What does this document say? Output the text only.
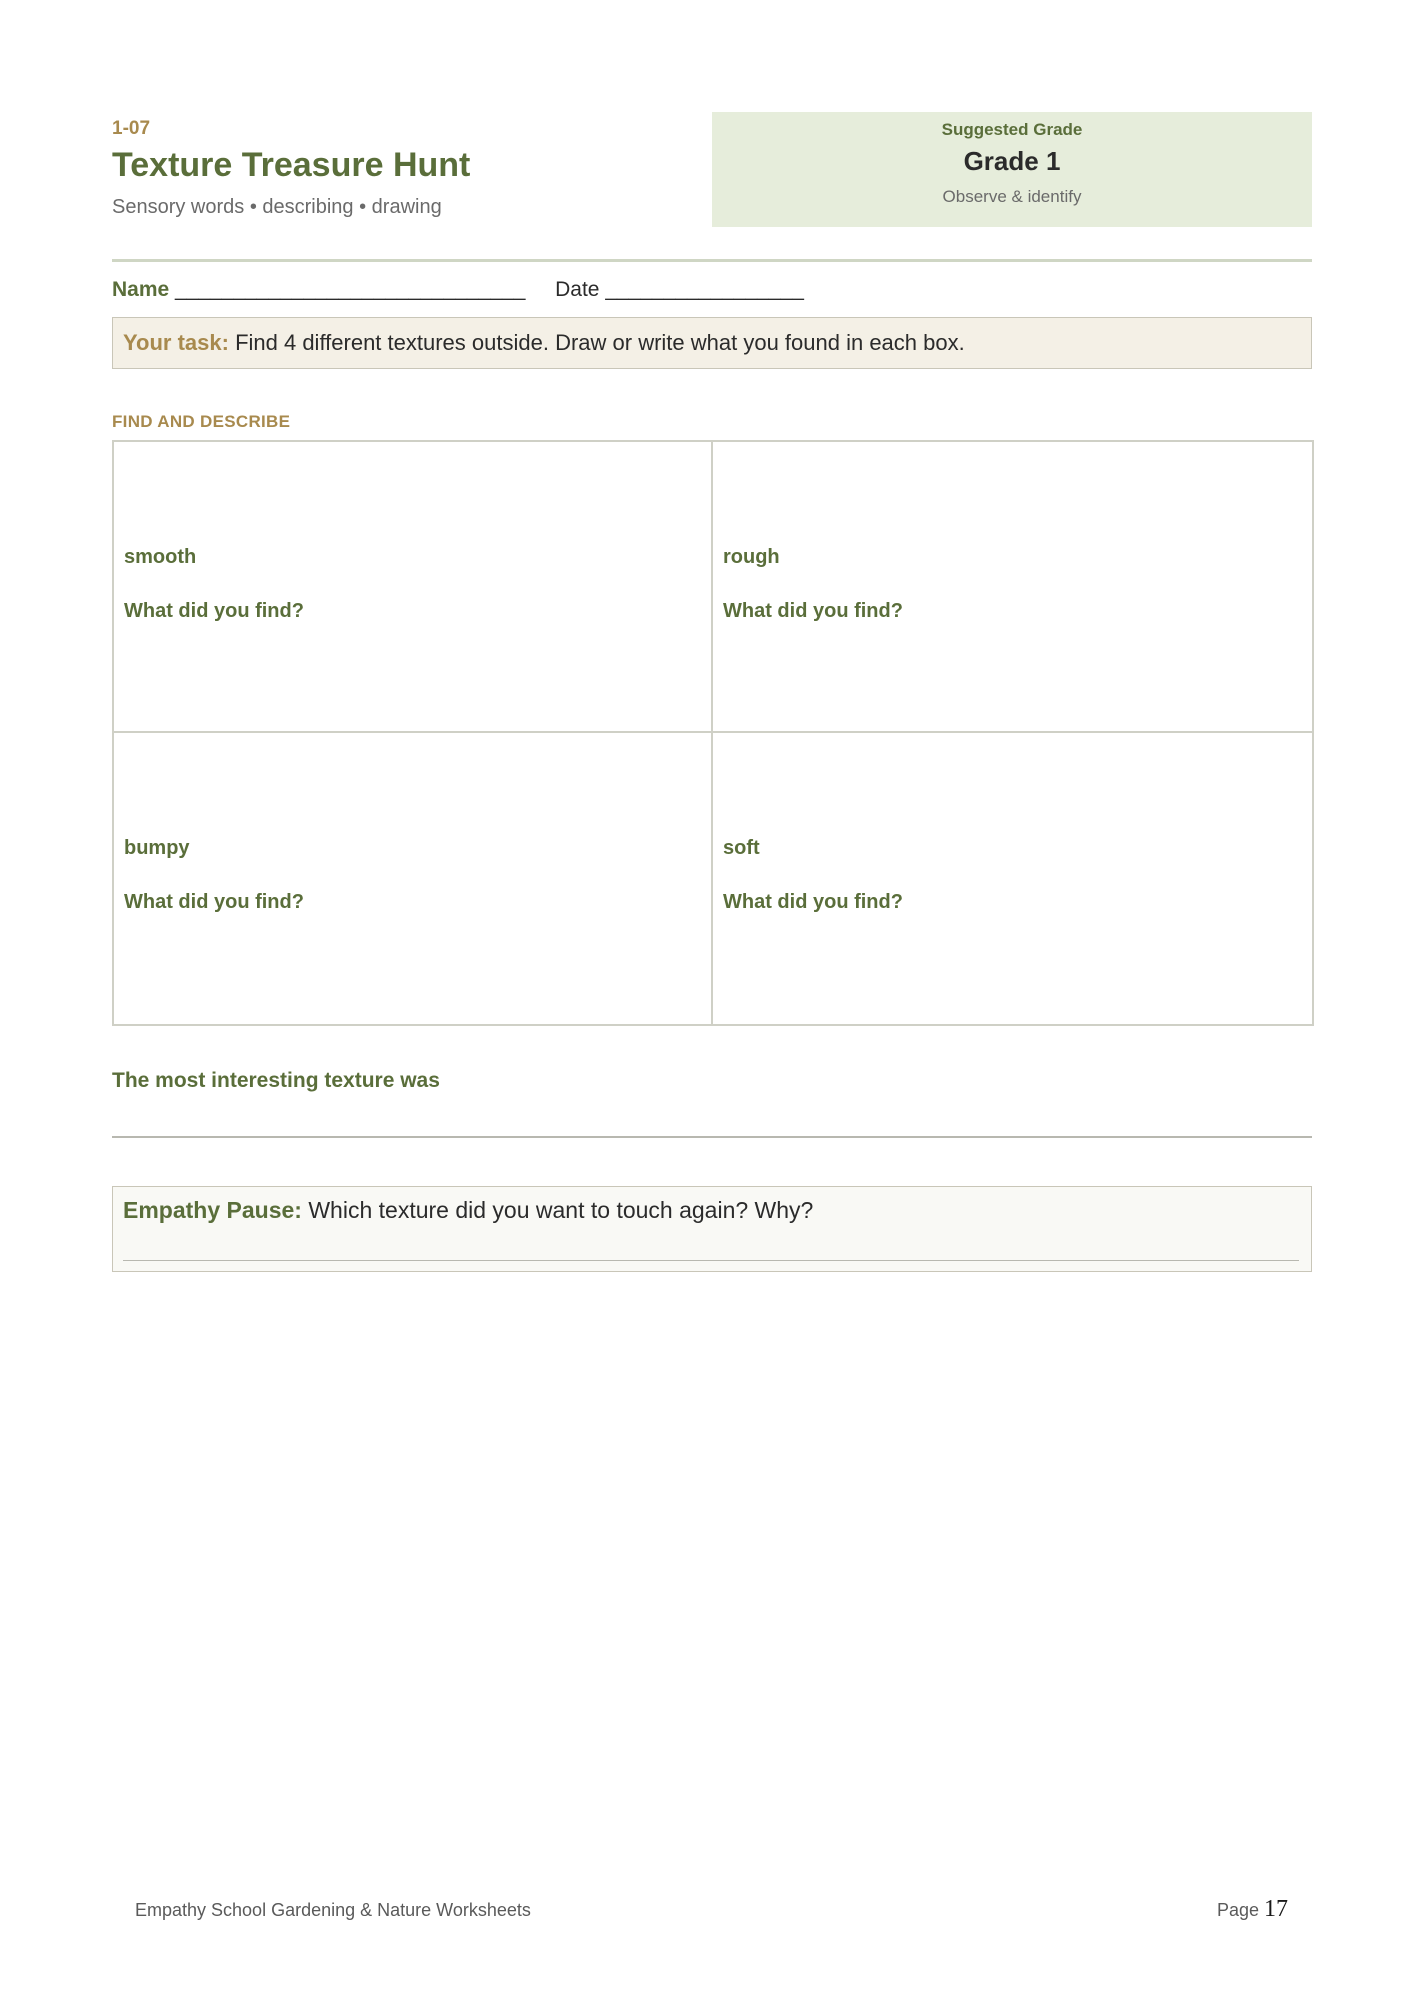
1-07
Texture Treasure Hunt
Sensory words • describing • drawing
Suggested Grade
Grade 1
Observe & identify
Name ______________________________ Date _________________
Your task: Find 4 different textures outside. Draw or write what you found in each box.
FIND AND DESCRIBE
smooth
What did you find?
rough
What did you find?
bumpy
What did you find?
soft
What did you find?
The most interesting texture was
Empathy Pause: Which texture did you want to touch again? Why?
Empathy School Gardening & Nature Worksheets	Page 17
